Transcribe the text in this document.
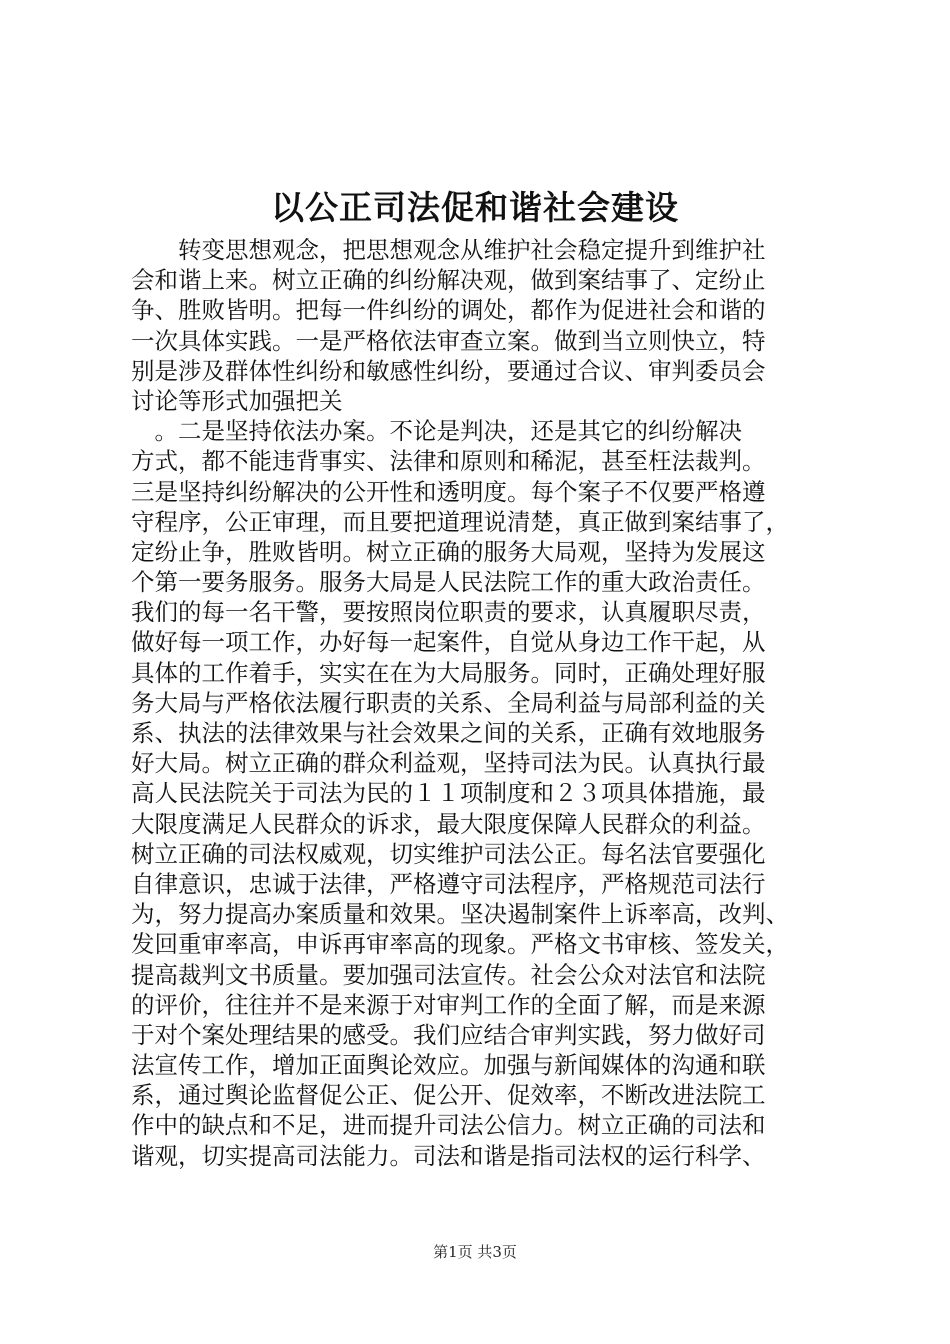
以公正司法促和谐社会建设
　　转变思想观念，把思想观念从维护社会稳定提升到维护社
会和谐上来。树立正确的纠纷解决观，做到案结事了、定纷止
争、胜败皆明。把每一件纠纷的调处，都作为促进社会和谐的
一次具体实践。一是严格依法审查立案。做到当立则快立，特
别是涉及群体性纠纷和敏感性纠纷，要通过合议、审判委员会
讨论等形式加强把关
　。二是坚持依法办案。不论是判决，还是其它的纠纷解决
方式，都不能违背事实、法律和原则和稀泥，甚至枉法裁判。
三是坚持纠纷解决的公开性和透明度。每个案子不仅要严格遵
守程序，公正审理，而且要把道理说清楚，真正做到案结事了，
定纷止争，胜败皆明。树立正确的服务大局观，坚持为发展这
个第一要务服务。服务大局是人民法院工作的重大政治责任。
我们的每一名干警，要按照岗位职责的要求，认真履职尽责，
做好每一项工作，办好每一起案件，自觉从身边工作干起，从
具体的工作着手，实实在在为大局服务。同时，正确处理好服
务大局与严格依法履行职责的关系、全局利益与局部利益的关
系、执法的法律效果与社会效果之间的关系，正确有效地服务
好大局。树立正确的群众利益观，坚持司法为民。认真执行最
高人民法院关于司法为民的１１项制度和２３项具体措施，最
大限度满足人民群众的诉求，最大限度保障人民群众的利益。
树立正确的司法权威观，切实维护司法公正。每名法官要强化
自律意识，忠诚于法律，严格遵守司法程序，严格规范司法行
为，努力提高办案质量和效果。坚决遏制案件上诉率高，改判、
发回重审率高，申诉再审率高的现象。严格文书审核、签发关，
提高裁判文书质量。要加强司法宣传。社会公众对法官和法院
的评价，往往并不是来源于对审判工作的全面了解，而是来源
于对个案处理结果的感受。我们应结合审判实践，努力做好司
法宣传工作，增加正面舆论效应。加强与新闻媒体的沟通和联
系，通过舆论监督促公正、促公开、促效率，不断改进法院工
作中的缺点和不足，进而提升司法公信力。树立正确的司法和
谐观，切实提高司法能力。司法和谐是指司法权的运行科学、
第1页 共3页
